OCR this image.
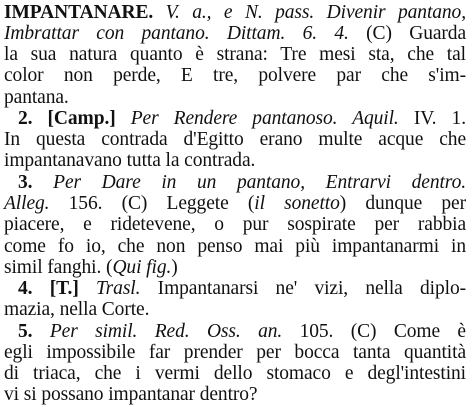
IMPANTANARE. V. a., e N. pass. Divenir pantano,
Imbrattar con pantano. Dittam. 6. 4. (C) Guarda
la sua natura quanto è strana: Tre mesi sta, che tal
color non perde, E tre, polvere par che s'im-
pantana.
2. [Camp.] Per Rendere pantanoso. Aquil. IV. 1.
In questa contrada d'Egitto erano multe acque che
impantanavano tutta la contrada.
3. Per Dare in un pantano, Entrarvi dentro.
Alleg. 156. (C) Leggete (il sonetto) dunque per
piacere, e ridetevene, o pur sospirate per rabbia
come fo io, che non penso mai più impantanarmi in
simil fanghi. (Qui fig.)
4. [T.] Trasl. Impantanarsi ne' vizi, nella diplo-
mazia, nella Corte.
5. Per simil. Red. Oss. an. 105. (C) Come è
egli impossibile far prender per bocca tanta quantità
di triaca, che i vermi dello stomaco e degl'intestini
vi si possano impantanar dentro?
